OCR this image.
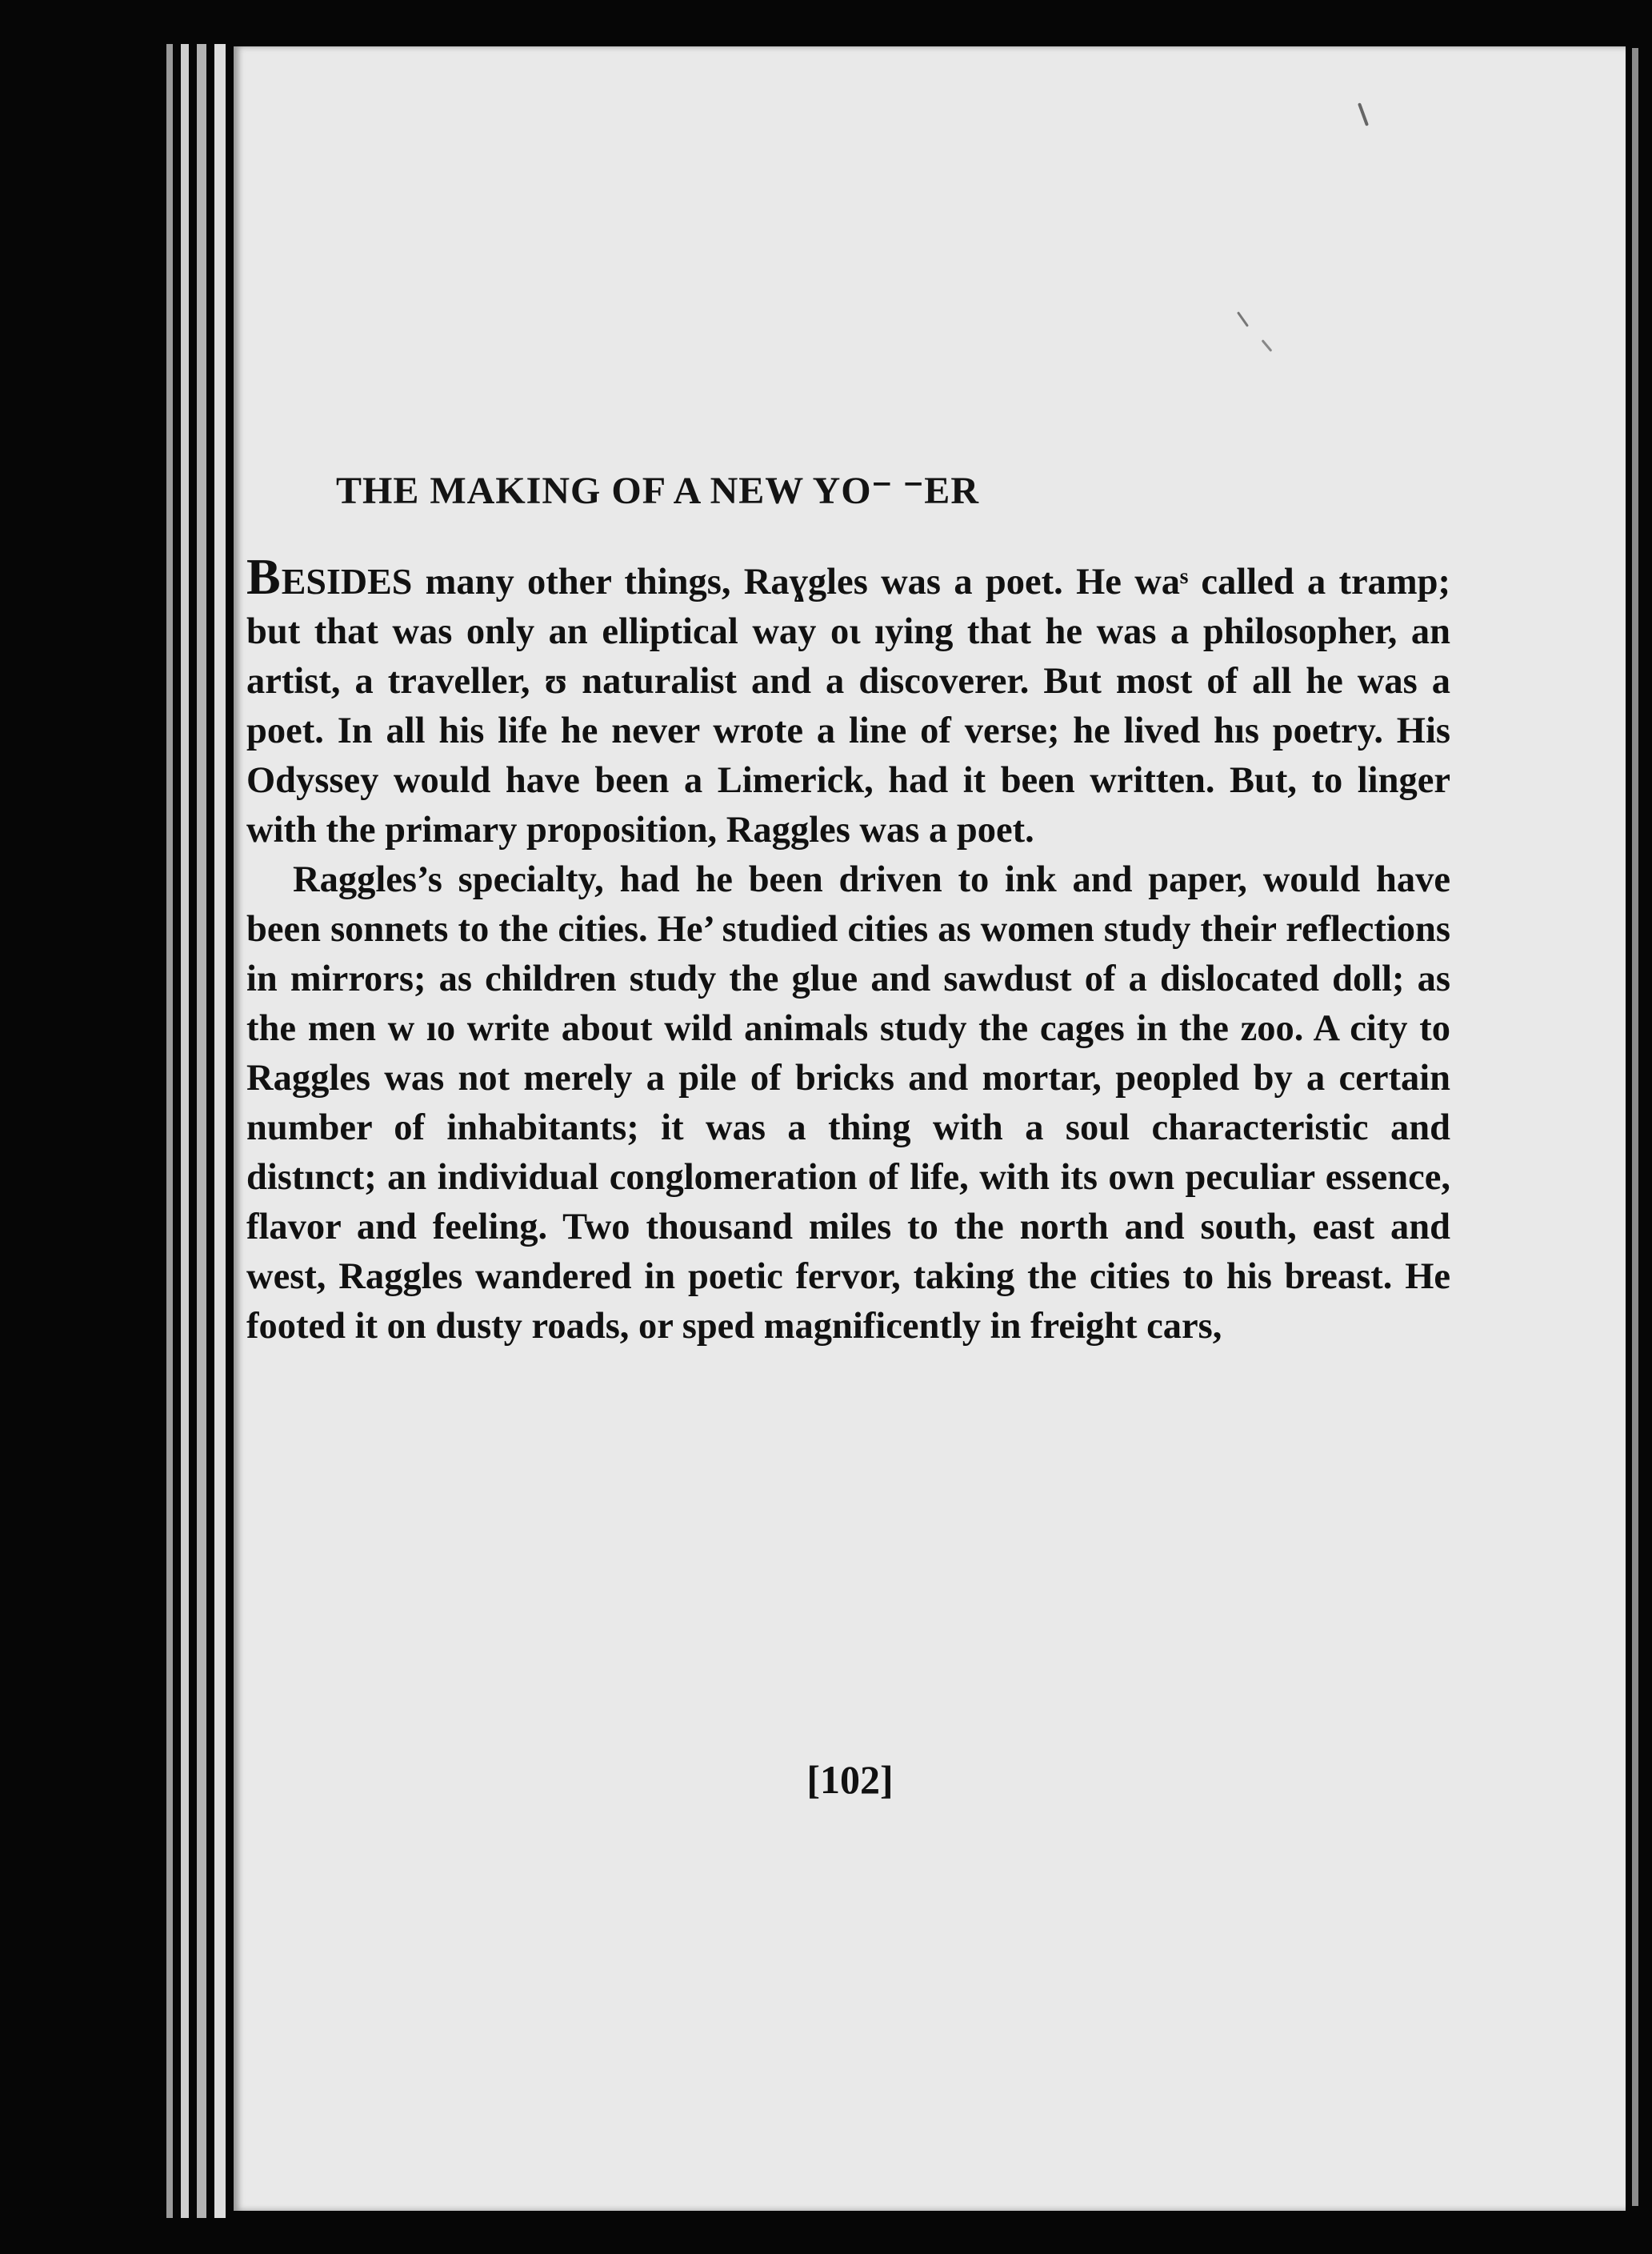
THE MAKING OF A NEW YO⁻ ⁻ER

BESIDES many other things, Raɣgles was a poet. He waˢ called a tramp; but that was only an elliptical way oɩ ıying that he was a philosopher, an artist, a traveller, ʊ naturalist and a discoverer. But most of all he was a poet. In all his life he never wrote a line of verse; he lived hıs poetry. His Odyssey would have been a Limerick, had it been written. But, to linger with the primary proposition, Raggles was a poet.

Raggles’s specialty, had he been driven to ink and paper, would have been sonnets to the cities. He’ studied cities as women study their reflections in mirrors; as children study the glue and sawdust of a dislocated doll; as the men w ıo write about wild animals study the cages in the zoo. A city to Raggles was not merely a pile of bricks and mortar, peopled by a certain number of inhabitants; it was a thing with a soul characteristic and distınct; an individual conglomeration of life, with its own peculiar essence, flavor and feeling. Two thousand miles to the north and south, east and west, Raggles wandered in poetic fervor, taking the cities to his breast. He footed it on dusty roads, or sped magnificently in freight cars,

[102]
